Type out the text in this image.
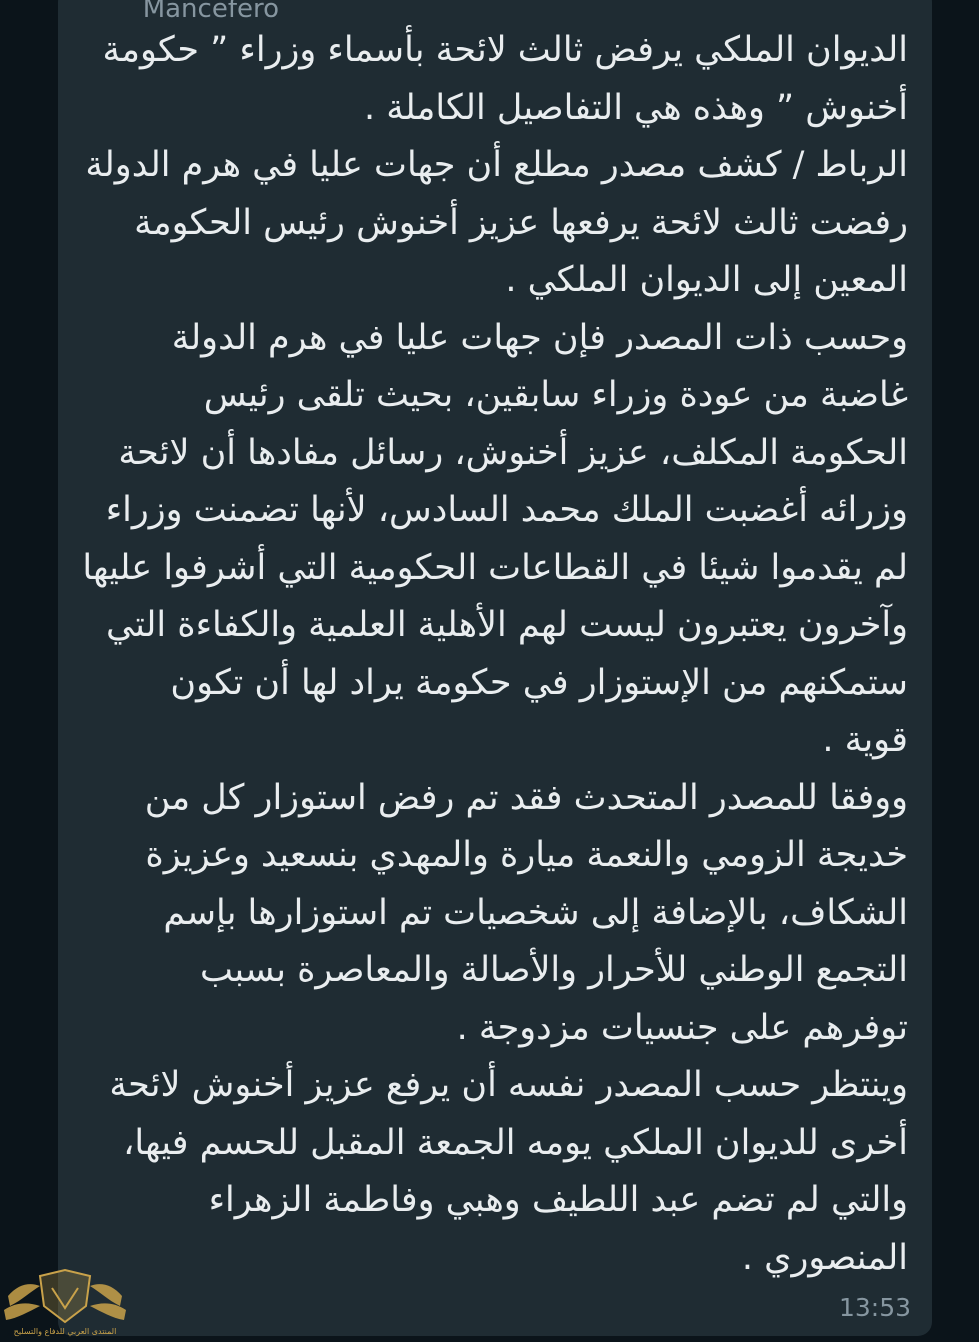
الديوان الملكي يرفض ثالث لائحة بأسماء وزراء ” حكومة
أخنوش ” وهذه هي التفاصيل الكاملة .
الرباط / كشف مصدر مطلع أن جهات عليا في هرم الدولة
رفضت ثالث لائحة يرفعها عزيز أخنوش رئيس الحكومة
المعين إلى الديوان الملكي .
وحسب ذات المصدر فإن جهات عليا في هرم الدولة
غاضبة من عودة وزراء سابقين، بحيث تلقى رئيس
الحكومة المكلف، عزيز أخنوش، رسائل مفادها أن لائحة
وزرائه أغضبت الملك محمد السادس، لأنها تضمنت وزراء
لم يقدموا شيئا في القطاعات الحكومية التي أشرفوا عليها
وآخرون يعتبرون ليست لهم الأهلية العلمية والكفاءة التي
ستمكنهم من الإستوزار في حكومة يراد لها أن تكون
قوية .
ووفقا للمصدر المتحدث فقد تم رفض استوزار كل من
خديجة الزومي والنعمة ميارة والمهدي بنسعيد وعزيزة
الشكاف، بالإضافة إلى شخصيات تم استوزارها بإسم
التجمع الوطني للأحرار والأصالة والمعاصرة بسبب
توفرهم على جنسيات مزدوجة .
وينتظر حسب المصدر نفسه أن يرفع عزيز أخنوش لائحة
أخرى للديوان الملكي يومه الجمعة المقبل للحسم فيها،
والتي لم تضم عبد اللطيف وهبي وفاطمة الزهراء
المنصوري .
13:53
المنتدى العربي للدفاع والتسليح
